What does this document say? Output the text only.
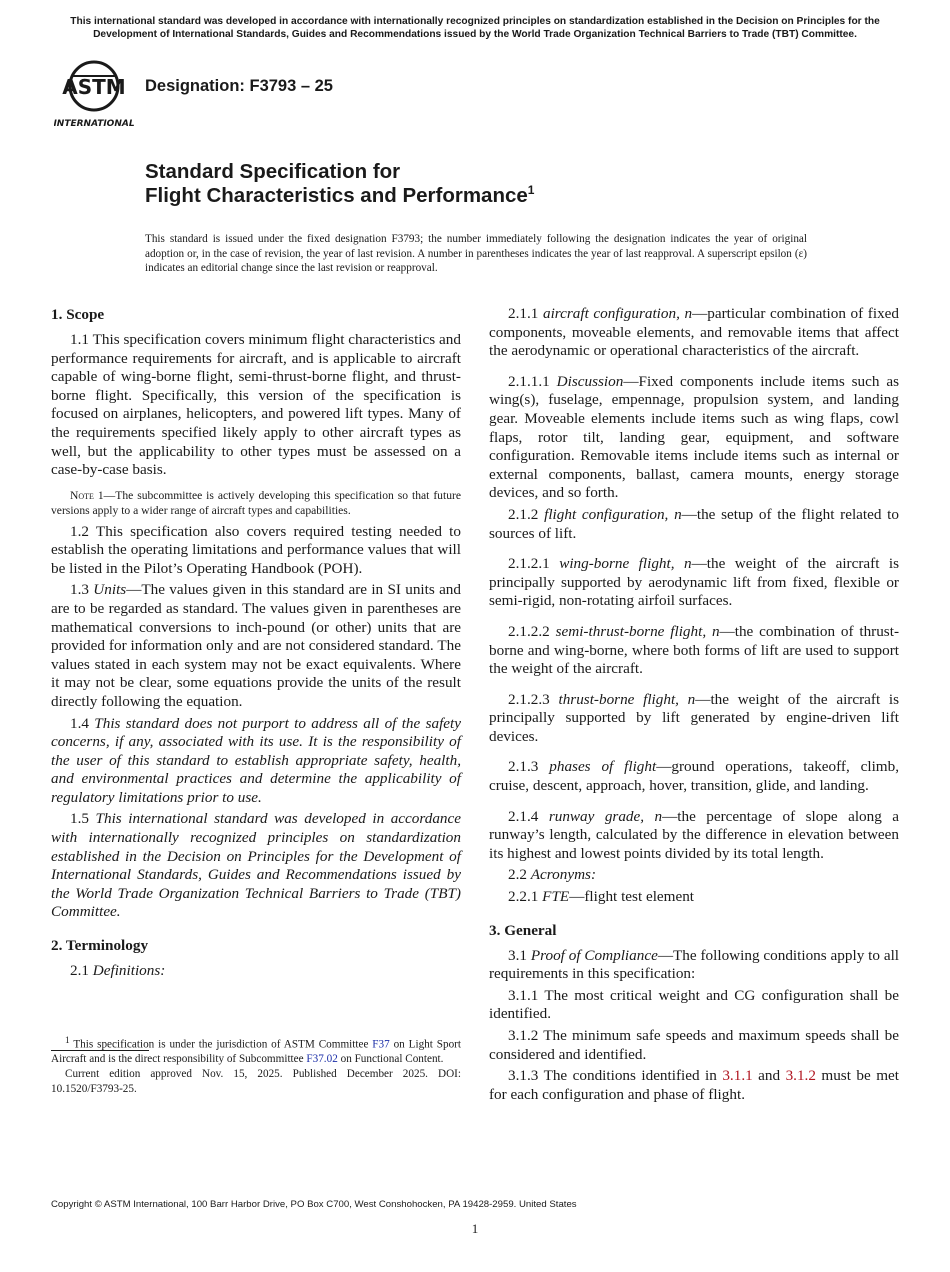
This international standard was developed in accordance with internationally recognized principles on standardization established in the Decision on Principles for the Development of International Standards, Guides and Recommendations issued by the World Trade Organization Technical Barriers to Trade (TBT) Committee.
ASTM
INTERNATIONAL
Designation: F3793 – 25
Standard Specification for
Flight Characteristics and Performance$^1$
This standard is issued under the fixed designation F3793; the number immediately following the designation indicates the year of original adoption or, in the case of revision, the year of last revision. A number in parentheses indicates the year of last reapproval. A superscript epsilon (ε) indicates an editorial change since the last revision or reapproval.
1. Scope

1.1 This specification covers minimum flight characteristics and performance requirements for aircraft, and is applicable to aircraft capable of wing-borne flight, semi-thrust-borne flight, and thrust-borne flight. Specifically, this version of the specification is focused on airplanes, helicopters, and powered lift types. Many of the requirements specified likely apply to other aircraft types as well, but the applicability to other types must be assessed on a case-by-case basis.

Note 1—The subcommittee is actively developing this specification so that future versions apply to a wider range of aircraft types and capabilities.

1.2 This specification also covers required testing needed to establish the operating limitations and performance values that will be listed in the Pilot’s Operating Handbook (POH).

1.3 Units—The values given in this standard are in SI units and are to be regarded as standard. The values given in parentheses are mathematical conversions to inch-pound (or other) units that are provided for information only and are not considered standard. The values stated in each system may not be exact equivalents. Where it may not be clear, some equations provide the units of the result directly following the equation.

1.4 This standard does not purport to address all of the safety concerns, if any, associated with its use. It is the responsibility of the user of this standard to establish appropriate safety, health, and environmental practices and determine the applicability of regulatory limitations prior to use.

1.5 This international standard was developed in accordance with internationally recognized principles on standardization established in the Decision on Principles for the Development of International Standards, Guides and Recommendations issued by the World Trade Organization Technical Barriers to Trade (TBT) Committee.

2. Terminology

2.1 Definitions:

2.1.1 aircraft configuration, n—particular combination of fixed components, moveable elements, and removable items that affect the aerodynamic or operational characteristics of the aircraft.

2.1.1.1 Discussion—Fixed components include items such as wing(s), fuselage, empennage, propulsion system, and landing gear. Moveable elements include items such as wing flaps, cowl flaps, rotor tilt, landing gear, equipment, and software configuration. Removable items include items such as internal or external components, ballast, camera mounts, energy storage devices, and so forth.

2.1.2 flight configuration, n—the setup of the flight related to sources of lift.

2.1.2.1 wing-borne flight, n—the weight of the aircraft is principally supported by aerodynamic lift from fixed, flexible or semi-rigid, non-rotating airfoil surfaces.

2.1.2.2 semi-thrust-borne flight, n—the combination of thrust-borne and wing-borne, where both forms of lift are used to support the weight of the aircraft.

2.1.2.3 thrust-borne flight, n—the weight of the aircraft is principally supported by lift generated by engine-driven lift devices.

2.1.3 phases of flight—ground operations, takeoff, climb, cruise, descent, approach, hover, transition, glide, and landing.

2.1.4 runway grade, n—the percentage of slope along a runway’s length, calculated by the difference in elevation between its highest and lowest points divided by its total length.

2.2 Acronyms:

2.2.1 FTE—flight test element

3. General

3.1 Proof of Compliance—The following conditions apply to all requirements in this specification:

3.1.1 The most critical weight and CG configuration shall be identified.

3.1.2 The minimum safe speeds and maximum speeds shall be considered and identified.

3.1.3 The conditions identified in 3.1.1 and 3.1.2 must be met for each configuration and phase of flight.

$^1$ This specification is under the jurisdiction of ASTM Committee F37 on Light Sport Aircraft and is the direct responsibility of Subcommittee F37.02 on Functional Content.

Current edition approved Nov. 15, 2025. Published December 2025. DOI: 10.1520/F3793-25.

Copyright © ASTM International, 100 Barr Harbor Drive, PO Box C700, West Conshohocken, PA 19428-2959. United States
1
